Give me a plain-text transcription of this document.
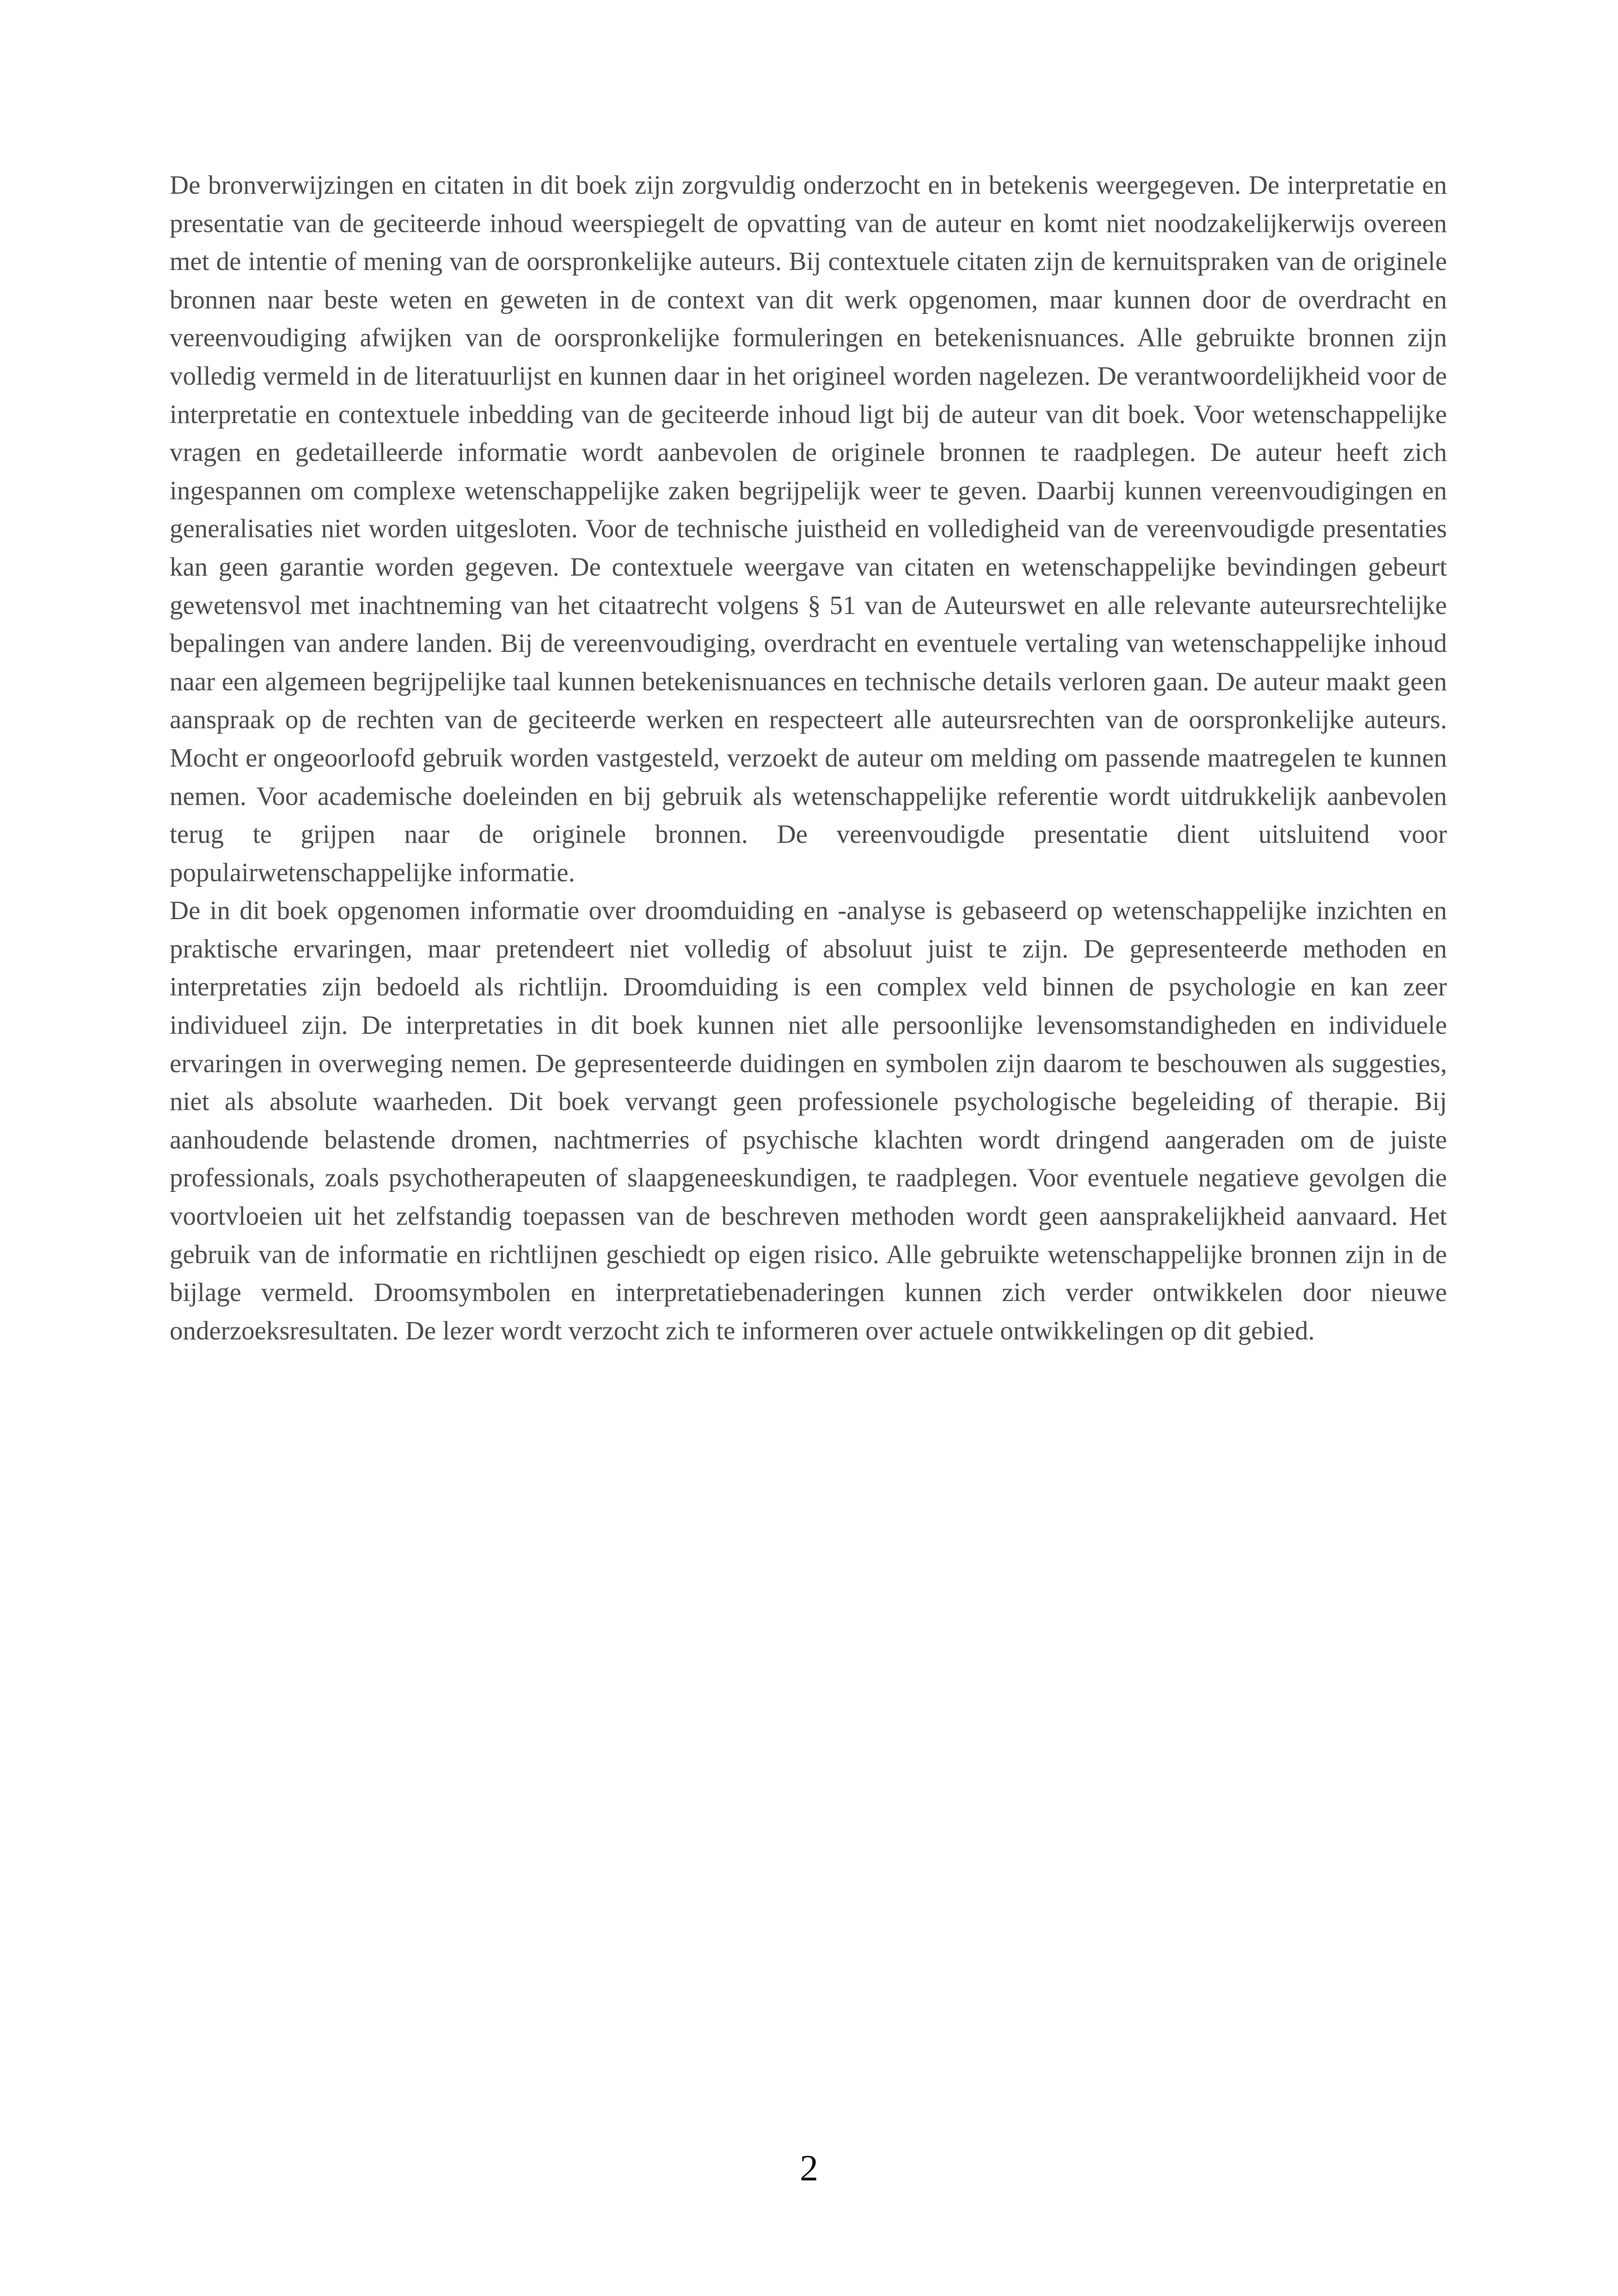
De bronverwijzingen en citaten in dit boek zijn zorgvuldig onderzocht en in betekenis weergegeven. De interpretatie en presentatie van de geciteerde inhoud weerspiegelt de opvatting van de auteur en komt niet noodzakelijkerwijs overeen met de intentie of mening van de oorspronkelijke auteurs. Bij contextuele citaten zijn de kernuitspraken van de originele bronnen naar beste weten en geweten in de context van dit werk opgenomen, maar kunnen door de overdracht en vereenvoudiging afwijken van de oorspronkelijke formuleringen en betekenisnuances. Alle gebruikte bronnen zijn volledig vermeld in de literatuurlijst en kunnen daar in het origineel worden nagelezen. De verantwoordelijkheid voor de interpretatie en contextuele inbedding van de geciteerde inhoud ligt bij de auteur van dit boek. Voor wetenschappelijke vragen en gedetailleerde informatie wordt aanbevolen de originele bronnen te raadplegen. De auteur heeft zich ingespannen om complexe wetenschappelijke zaken begrijpelijk weer te geven. Daarbij kunnen vereenvoudigingen en generalisaties niet worden uitgesloten. Voor de technische juistheid en volledigheid van de vereenvoudigde presentaties kan geen garantie worden gegeven. De contextuele weergave van citaten en wetenschappelijke bevindingen gebeurt gewetensvol met inachtneming van het citaatrecht volgens § 51 van de Auteurswet en alle relevante auteursrechtelijke bepalingen van andere landen. Bij de vereenvoudiging, overdracht en eventuele vertaling van wetenschappelijke inhoud naar een algemeen begrijpelijke taal kunnen betekenisnuances en technische details verloren gaan. De auteur maakt geen aanspraak op de rechten van de geciteerde werken en respecteert alle auteursrechten van de oorspronkelijke auteurs. Mocht er ongeoorloofd gebruik worden vastgesteld, verzoekt de auteur om melding om passende maatregelen te kunnen nemen. Voor academische doeleinden en bij gebruik als wetenschappelijke referentie wordt uitdrukkelijk aanbevolen terug te grijpen naar de originele bronnen. De vereenvoudigde presentatie dient uitsluitend voor populairwetenschappelijke informatie.

De in dit boek opgenomen informatie over droomduiding en -analyse is gebaseerd op wetenschappelijke inzichten en praktische ervaringen, maar pretendeert niet volledig of absoluut juist te zijn. De gepresenteerde methoden en interpretaties zijn bedoeld als richtlijn. Droomduiding is een complex veld binnen de psychologie en kan zeer individueel zijn. De interpretaties in dit boek kunnen niet alle persoonlijke levensomstandigheden en individuele ervaringen in overweging nemen. De gepresenteerde duidingen en symbolen zijn daarom te beschouwen als suggesties, niet als absolute waarheden. Dit boek vervangt geen professionele psychologische begeleiding of therapie. Bij aanhoudende belastende dromen, nachtmerries of psychische klachten wordt dringend aangeraden om de juiste professionals, zoals psychotherapeuten of slaapgeneeskundigen, te raadplegen. Voor eventuele negatieve gevolgen die voortvloeien uit het zelfstandig toepassen van de beschreven methoden wordt geen aansprakelijkheid aanvaard. Het gebruik van de informatie en richtlijnen geschiedt op eigen risico. Alle gebruikte wetenschappelijke bronnen zijn in de bijlage vermeld. Droomsymbolen en interpretatiebenaderingen kunnen zich verder ontwikkelen door nieuwe onderzoeksresultaten. De lezer wordt verzocht zich te informeren over actuele ontwikkelingen op dit gebied.

2
